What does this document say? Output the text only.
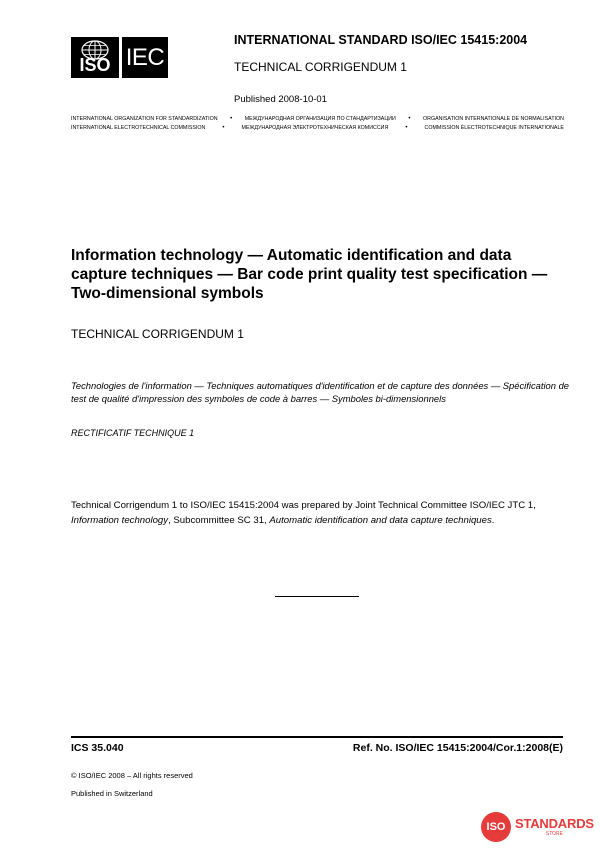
ISO IEC
INTERNATIONAL STANDARD ISO/IEC 15415:2004
TECHNICAL CORRIGENDUM 1
Published 2008-10-01
INTERNATIONAL ORGANIZATION FOR STANDARDIZATION • МЕЖДУНАРОДНАЯ ОРГАНИЗАЦИЯ ПО СТАНДАРТИЗАЦИИ • ORGANISATION INTERNATIONALE DE NORMALISATION
INTERNATIONAL ELECTROTECHNICAL COMMISSION	•	МЕЖДУНАРОДНАЯ ЭЛЕКТРОТЕХНИЧЕСКАЯ КОМИССИЯ	•	COMMISSION ÉLECTROTECHNIQUE INTERNATIONALE
Information technology — Automatic identification and data capture techniques — Bar code print quality test specification — Two-dimensional symbols
TECHNICAL CORRIGENDUM 1
Technologies de l'information — Techniques automatiques d'identification et de capture des données — Spécification de test de qualité d'impression des symboles de code à barres — Symboles bi-dimensionnels
RECTIFICATIF TECHNIQUE 1
Technical Corrigendum 1 to ISO/IEC 15415:2004 was prepared by Joint Technical Committee ISO/IEC JTC 1, Information technology, Subcommittee SC 31, Automatic identification and data capture techniques.
ICS 35.040	Ref. No. ISO/IEC 15415:2004/Cor.1:2008(E)
© ISO/IEC 2008 – All rights reserved
Published in Switzerland
ISO STANDARDS
STORE
